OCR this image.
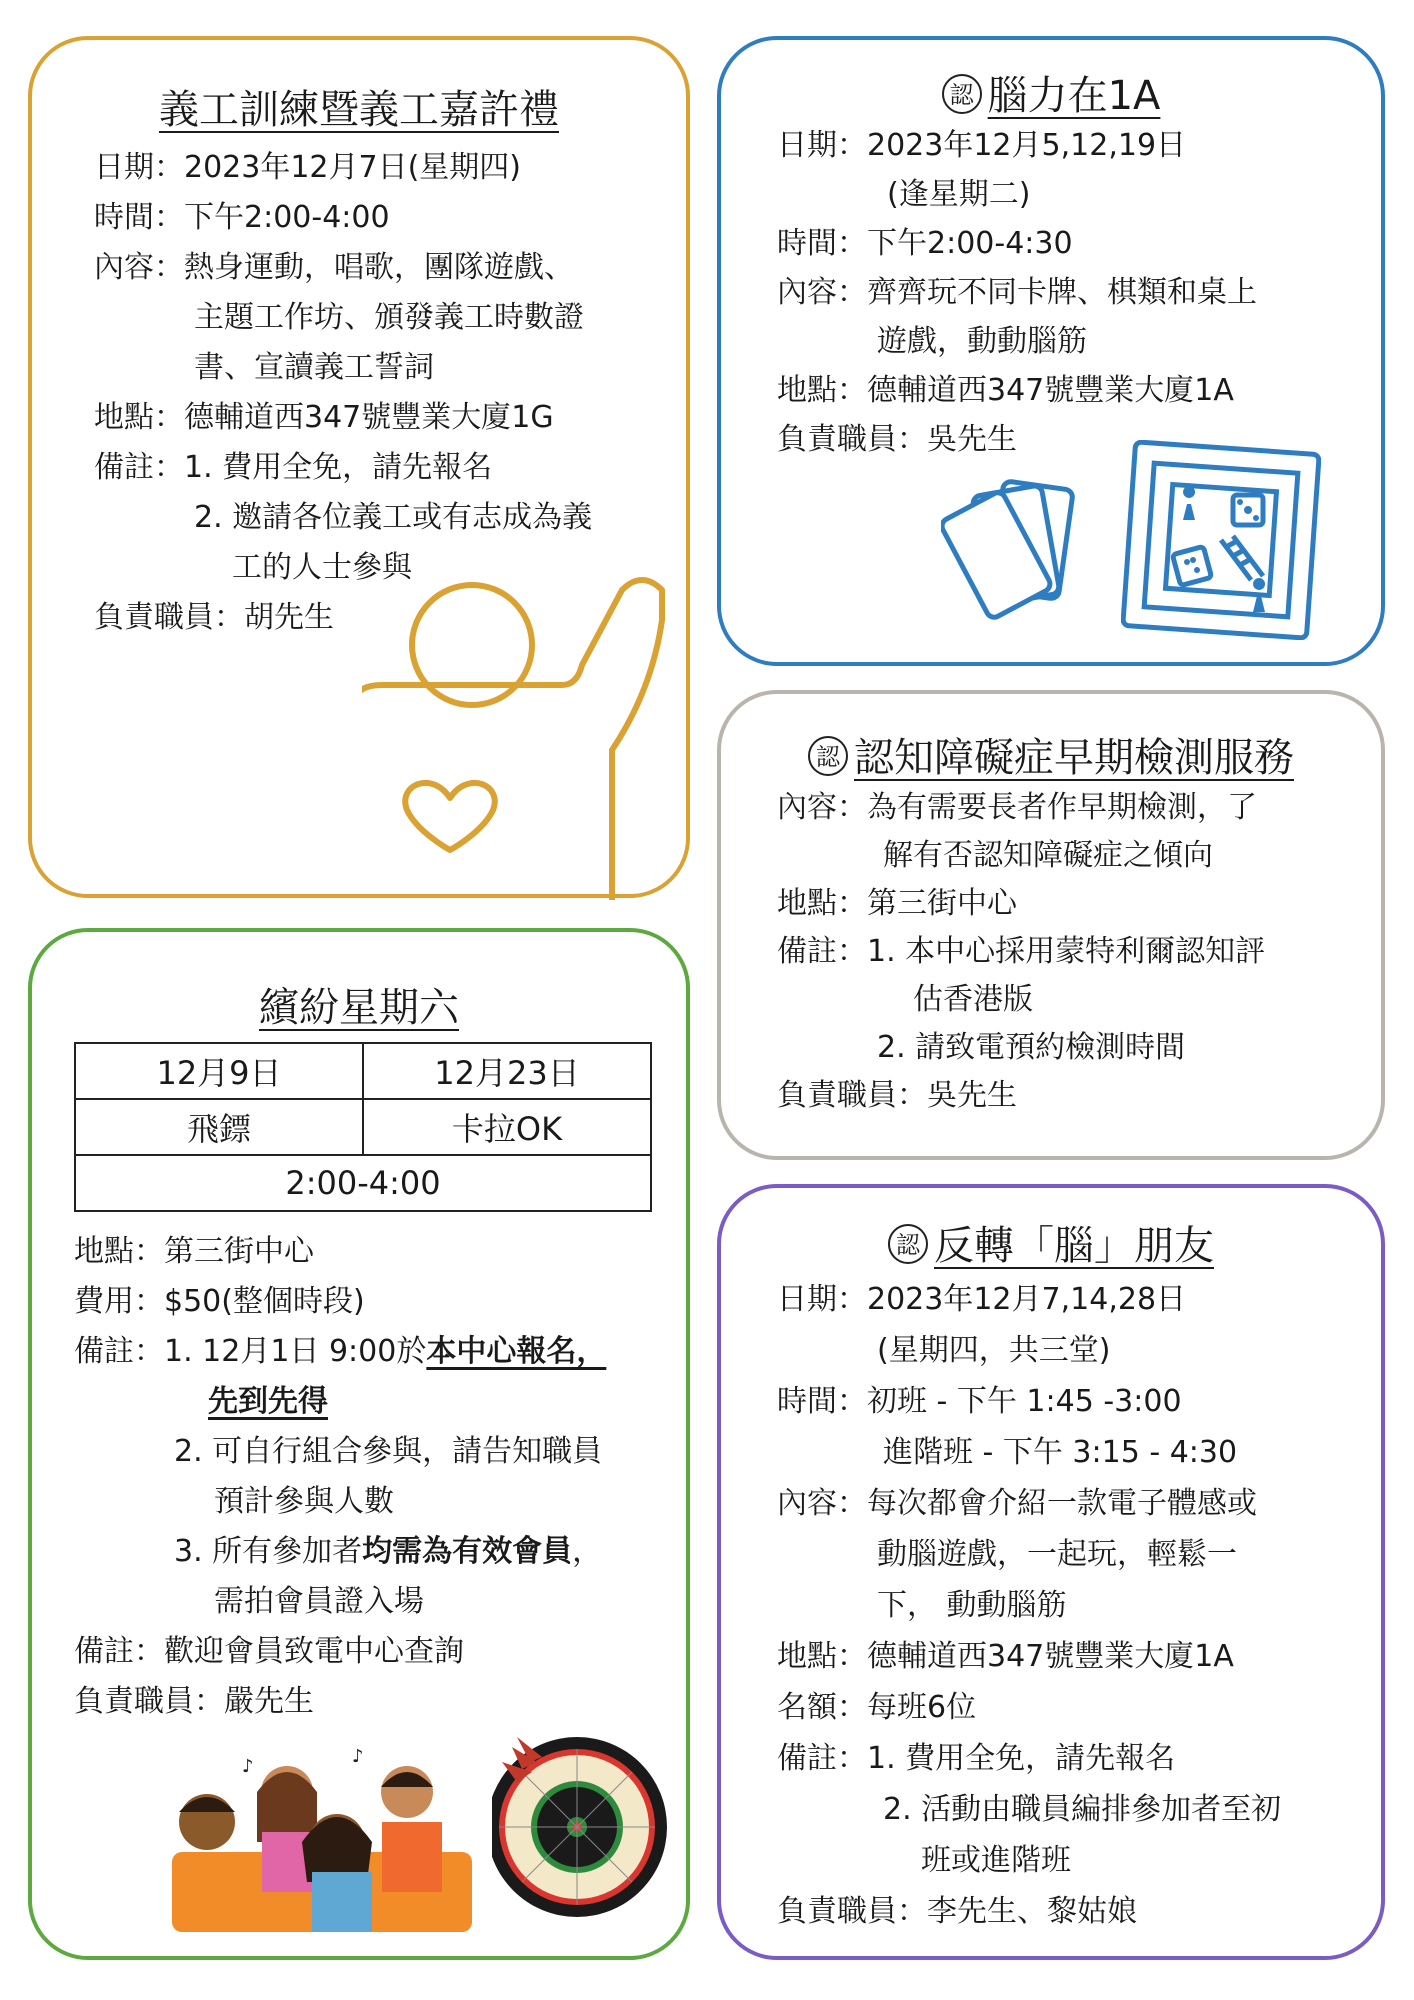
義工訓練暨義工嘉許禮
日期：2023年12月7日(星期四)
時間：下午2:00-4:00
內容：熱身運動，唱歌，團隊遊戲、
主題工作坊、頒發義工時數證
書、宣讀義工誓詞
地點：德輔道西347號豐業大廈1G
備註：1. 費用全免，請先報名
2. 邀請各位義工或有志成為義
工的人士參與
負責職員：胡先生
認 腦力在1A
日期：2023年12月5,12,19日
(逢星期二)
時間：下午2:00-4:30
內容：齊齊玩不同卡牌、棋類和桌上
遊戲，動動腦筋
地點：德輔道西347號豐業大廈1A
負責職員：吳先生
認 認知障礙症早期檢測服務
內容：為有需要長者作早期檢測，了
解有否認知障礙症之傾向
地點：第三街中心
備註：1. 本中心採用蒙特利爾認知評
估香港版
2. 請致電預約檢測時間
負責職員：吳先生
繽紛星期六
12月9日	12月23日
飛鏢	卡拉OK
2:00-4:00	
地點：第三街中心
費用：$50(整個時段)
備註：1. 12月1日 9:00於本中心報名，
先到先得
2. 可自行組合參與，請告知職員
預計參與人數
3. 所有參加者均需為有效會員，
需拍會員證入場
備註：歡迎會員致電中心查詢
負責職員：嚴先生
♪	♪
認 反轉「腦」朋友
日期：2023年12月7,14,28日
(星期四，共三堂)
時間：初班 - 下午 1:45 -3:00
進階班 - 下午 3:15 - 4:30
內容：每次都會介紹一款電子體感或
動腦遊戲，一起玩，輕鬆一
下， 動動腦筋
地點：德輔道西347號豐業大廈1A
名額：每班6位
備註：1. 費用全免，請先報名
2. 活動由職員編排參加者至初
班或進階班
負責職員：李先生、黎姑娘
